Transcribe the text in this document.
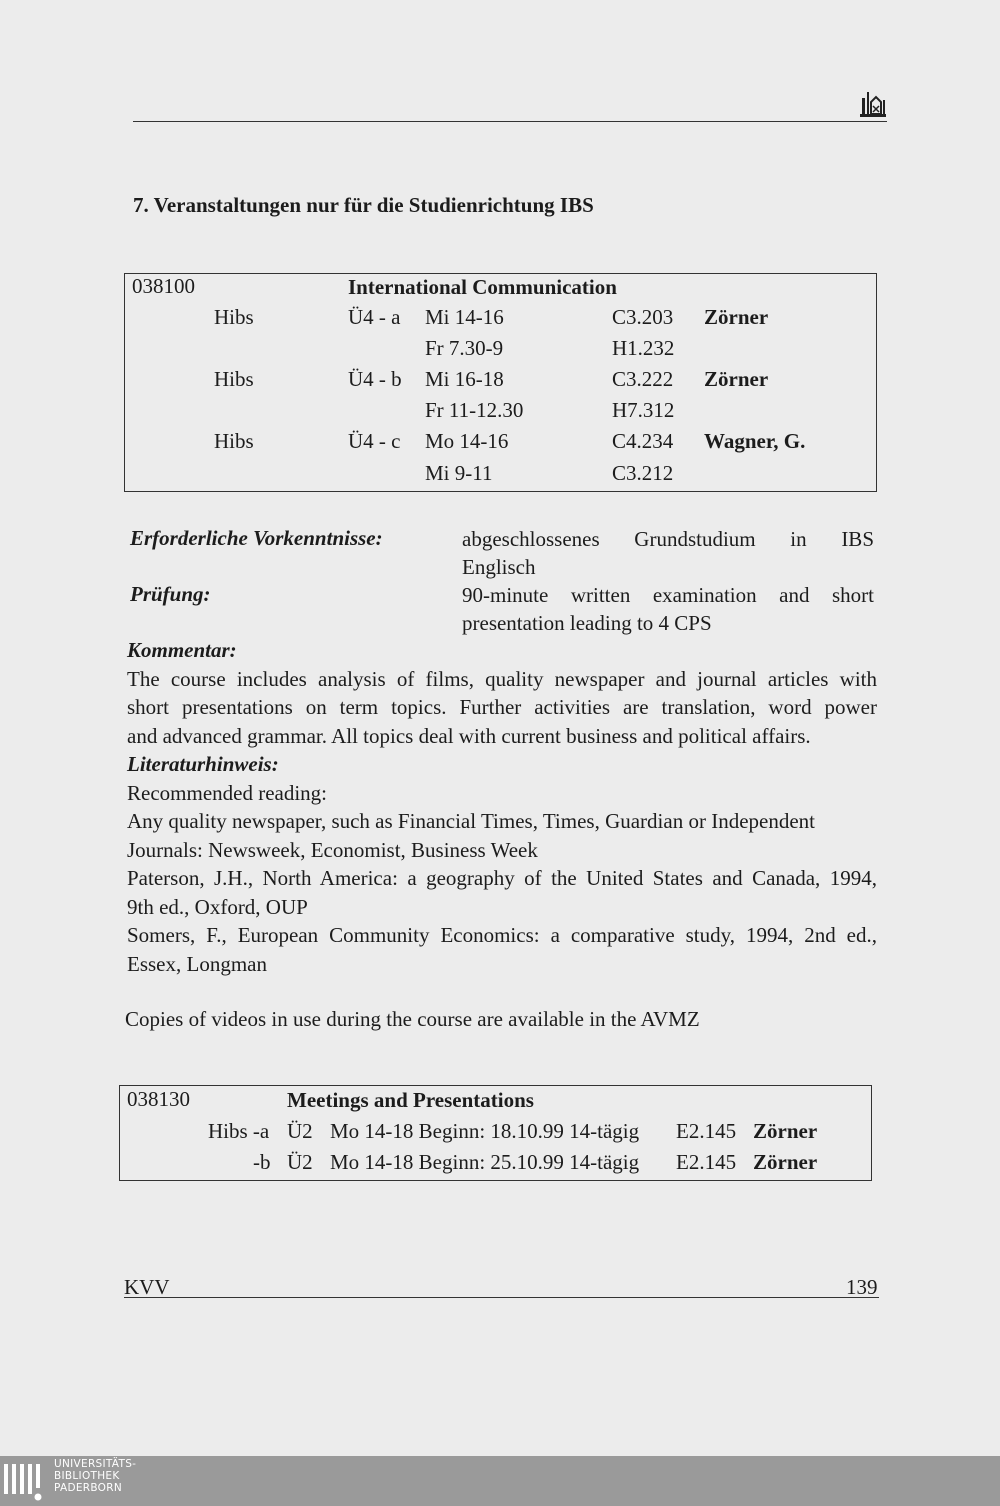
7. Veranstaltungen nur für die Studienrichtung IBS
038100	International Communication
Hibs	Ü4 - a Mi 14-16	C3.203 Zörner
Fr 7.30-9	H1.232
Hibs	Ü4 - b Mi 16-18	C3.222 Zörner
Fr 11-12.30	H7.312
Hibs	Ü4 - c Mo 14-16	C4.234 Wagner, G.
Mi 9-11	C3.212
Erforderliche Vorkenntnisse:	abgeschlossenes Grundstudium in IBS
Englisch
Prüfung:	90-minute written examination and short
presentation leading to 4 CPS

Kommentar:

The course includes analysis of films, quality newspaper and journal articles with

short presentations on term topics. Further activities are translation, word power

and advanced grammar. All topics deal with current business and political affairs.

Literaturhinweis:

Recommended reading:

Any quality newspaper, such as Financial Times, Times, Guardian or Independent

Journals: Newsweek, Economist, Business Week

Paterson, J.H., North America: a geography of the United States and Canada, 1994,

9th ed., Oxford, OUP

Somers, F., European Community Economics: a comparative study, 1994, 2nd ed.,

Essex, Longman

Copies of videos in use during the course are available in the AVMZ
038130	Meetings and Presentations
Hibs -a Ü2 Mo 14-18 Beginn: 18.10.99 14-tägig E2.145 Zörner
-b Ü2 Mo 14-18 Beginn: 25.10.99 14-tägig E2.145 Zörner
KVV	139
UNIVERSITÄTS-
BIBLIOTHEK
PADERBORN
